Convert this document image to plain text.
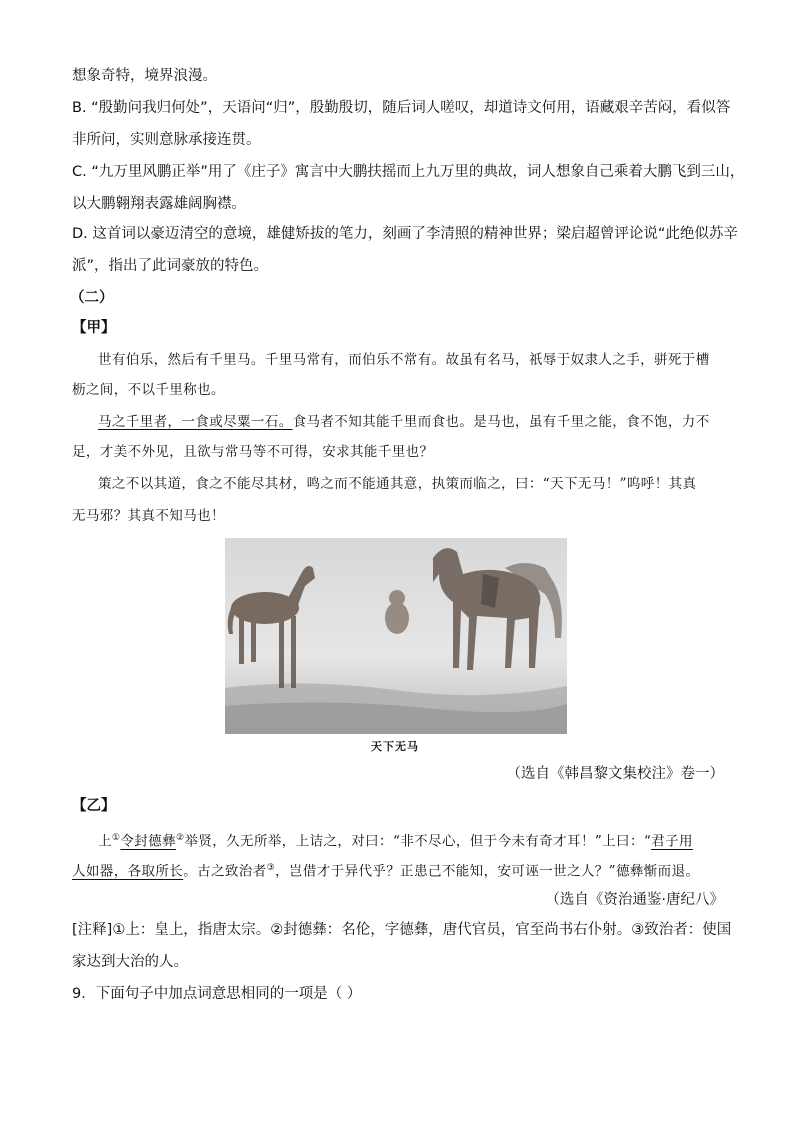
想象奇特，境界浪漫。
B. “殷勤问我归何处”，天语问“归”，殷勤殷切，随后词人嗟叹，却道诗文何用，语藏艰辛苦闷，看似答
非所问，实则意脉承接连贯。
C. “九万里风鹏正举”用了《庄子》寓言中大鹏扶摇而上九万里的典故，词人想象自己乘着大鹏飞到三山，
以大鹏翱翔表露雄阔胸襟。
D. 这首词以豪迈清空的意境，雄健矫拔的笔力，刻画了李清照的精神世界；梁启超曾评论说“此绝似苏辛
派”，指出了此词豪放的特色。
（二）
【甲】
世有伯乐，然后有千里马。千里马常有，而伯乐不常有。故虽有名马，祇辱于奴隶人之手，骈死于槽
枥之间，不以千里称也。
马之千里者，一食或尽粟一石。食马者不知其能千里而食也。是马也，虽有千里之能，食不饱，力不
足，才美不外见，且欲与常马等不可得，安求其能千里也？
策之不以其道，食之不能尽其材，鸣之而不能通其意，执策而临之，曰：“天下无马！”呜呼！其真
无马邪？其真不知马也！
天下无马
（选自《韩昌黎文集校注》卷一）
【乙】
上①令封德彝②举贤，久无所举，上诘之，对曰：“非不尽心，但于今未有奇才耳！”上曰：“君子用
人如器，各取所长。古之致治者③，岂借才于异代乎？正患己不能知，安可诬一世之人？”德彝惭而退。
（选自《资治通鉴·唐纪八》
[注释]①上：皇上，指唐太宗。②封德彝：名伦，字德彝，唐代官员，官至尚书右仆射。③致治者：使国
家达到大治的人。
9．下面句子中加点词意思相同的一项是（ ）
